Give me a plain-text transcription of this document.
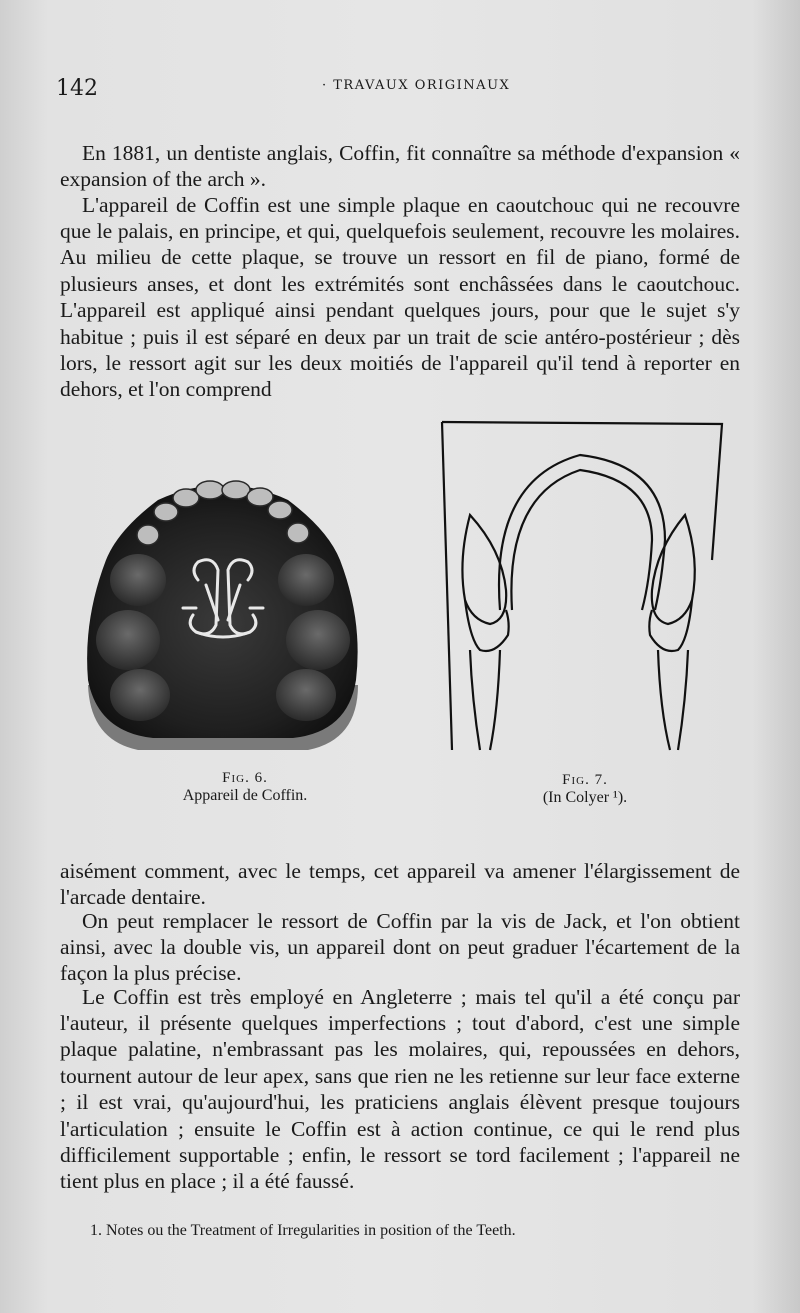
142	· TRAVAUX ORIGINAUX

En 1881, un dentiste anglais, Coffin, fit connaître sa méthode d'expansion « expansion of the arch ».

L'appareil de Coffin est une simple plaque en caoutchouc qui ne recouvre que le palais, en principe, et qui, quelquefois seulement, recouvre les molaires. Au milieu de cette plaque, se trouve un ressort en fil de piano, formé de plusieurs anses, et dont les extrémités sont enchâssées dans le caoutchouc. L'appareil est appliqué ainsi pendant quelques jours, pour que le sujet s'y habitue ; puis il est séparé en deux par un trait de scie antéro-postérieur ; dès lors, le ressort agit sur les deux moitiés de l'appareil qu'il tend à reporter en dehors, et l'on comprend

Fig. 6.
Appareil de Coffin.
Fig. 7.
(In Colyer ¹).

aisément comment, avec le temps, cet appareil va amener l'élargissement de l'arcade dentaire.

On peut remplacer le ressort de Coffin par la vis de Jack, et l'on obtient ainsi, avec la double vis, un appareil dont on peut graduer l'écartement de la façon la plus précise.

Le Coffin est très employé en Angleterre ; mais tel qu'il a été conçu par l'auteur, il présente quelques imperfections ; tout d'abord, c'est une simple plaque palatine, n'embrassant pas les molaires, qui, repoussées en dehors, tournent autour de leur apex, sans que rien ne les retienne sur leur face externe ; il est vrai, qu'aujourd'hui, les praticiens anglais élèvent presque toujours l'articulation ; ensuite le Coffin est à action continue, ce qui le rend plus difficilement supportable ; enfin, le ressort se tord facilement ; l'appareil ne tient plus en place ; il a été faussé.

1. Notes ou the Treatment of Irregularities in position of the Teeth.
